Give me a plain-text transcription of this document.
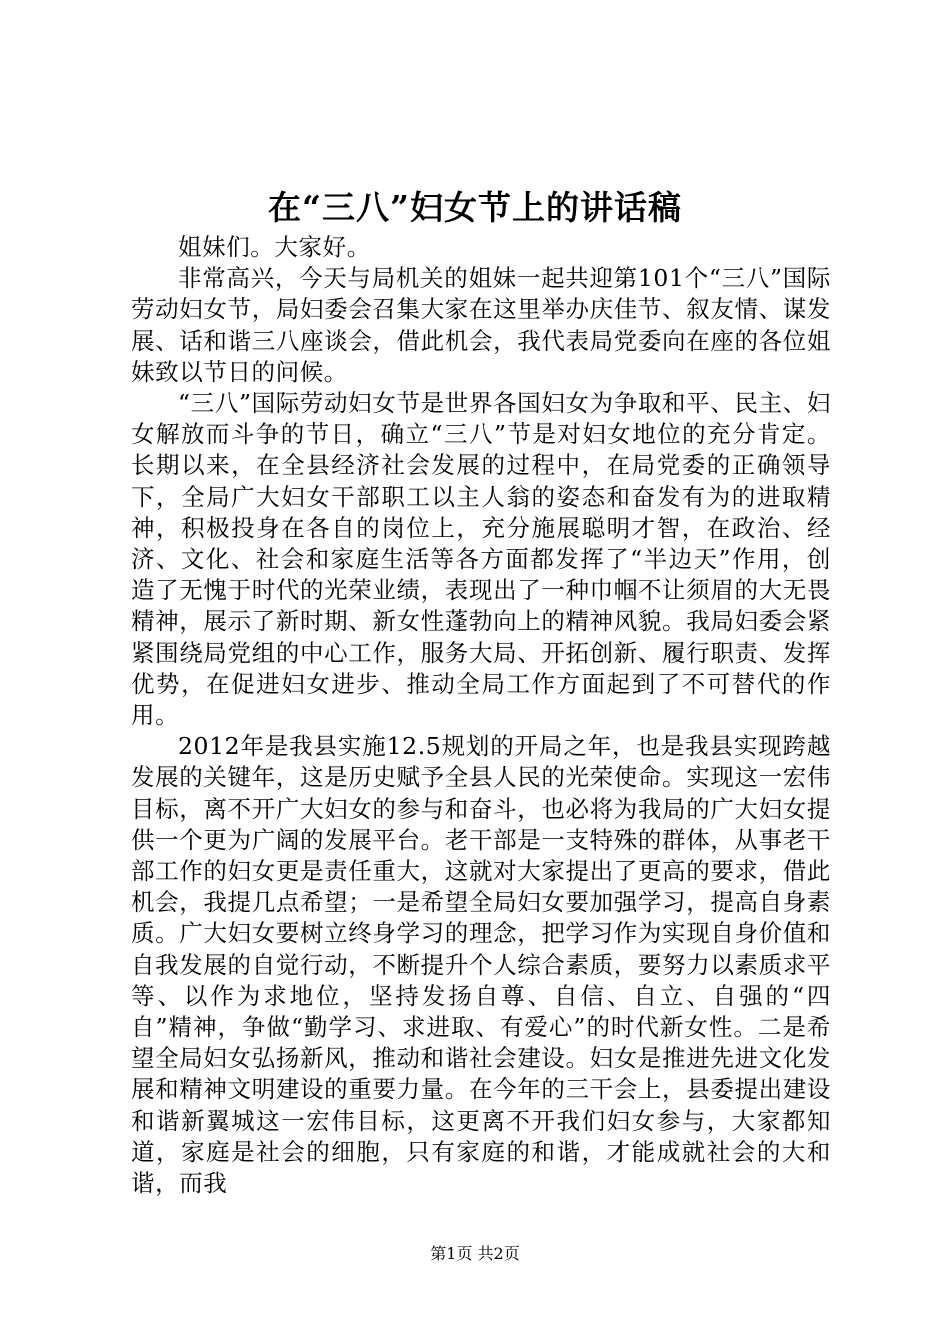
在“三八”妇女节上的讲话稿

姐妹们。大家好。

非常高兴，今天与局机关的姐妹一起共迎第101个“三八”国际劳动妇女节，局妇委会召集大家在这里举办庆佳节、叙友情、谋发展、话和谐三八座谈会，借此机会，我代表局党委向在座的各位姐妹致以节日的问候。

“三八”国际劳动妇女节是世界各国妇女为争取和平、民主、妇女解放而斗争的节日，确立“三八”节是对妇女地位的充分肯定。长期以来，在全县经济社会发展的过程中，在局党委的正确领导下，全局广大妇女干部职工以主人翁的姿态和奋发有为的进取精神，积极投身在各自的岗位上，充分施展聪明才智，在政治、经济、文化、社会和家庭生活等各方面都发挥了“半边天”作用，创造了无愧于时代的光荣业绩，表现出了一种巾帼不让须眉的大无畏精神，展示了新时期、新女性蓬勃向上的精神风貌。我局妇委会紧紧围绕局党组的中心工作，服务大局、开拓创新、履行职责、发挥优势，在促进妇女进步、推动全局工作方面起到了不可替代的作用。

2012年是我县实施12.5规划的开局之年，也是我县实现跨越发展的关键年，这是历史赋予全县人民的光荣使命。实现这一宏伟目标，离不开广大妇女的参与和奋斗，也必将为我局的广大妇女提供一个更为广阔的发展平台。老干部是一支特殊的群体，从事老干部工作的妇女更是责任重大，这就对大家提出了更高的要求，借此机会，我提几点希望；一是希望全局妇女要加强学习，提高自身素质。广大妇女要树立终身学习的理念，把学习作为实现自身价值和自我发展的自觉行动，不断提升个人综合素质，要努力以素质求平等、以作为求地位，坚持发扬自尊、自信、自立、自强的“四自”精神，争做“勤学习、求进取、有爱心”的时代新女性。二是希望全局妇女弘扬新风，推动和谐社会建设。妇女是推进先进文化发展和精神文明建设的重要力量。在今年的三干会上，县委提出建设和谐新翼城这一宏伟目标，这更离不开我们妇女参与，大家都知道，家庭是社会的细胞，只有家庭的和谐，才能成就社会的大和谐，而我

第1页 共2页
